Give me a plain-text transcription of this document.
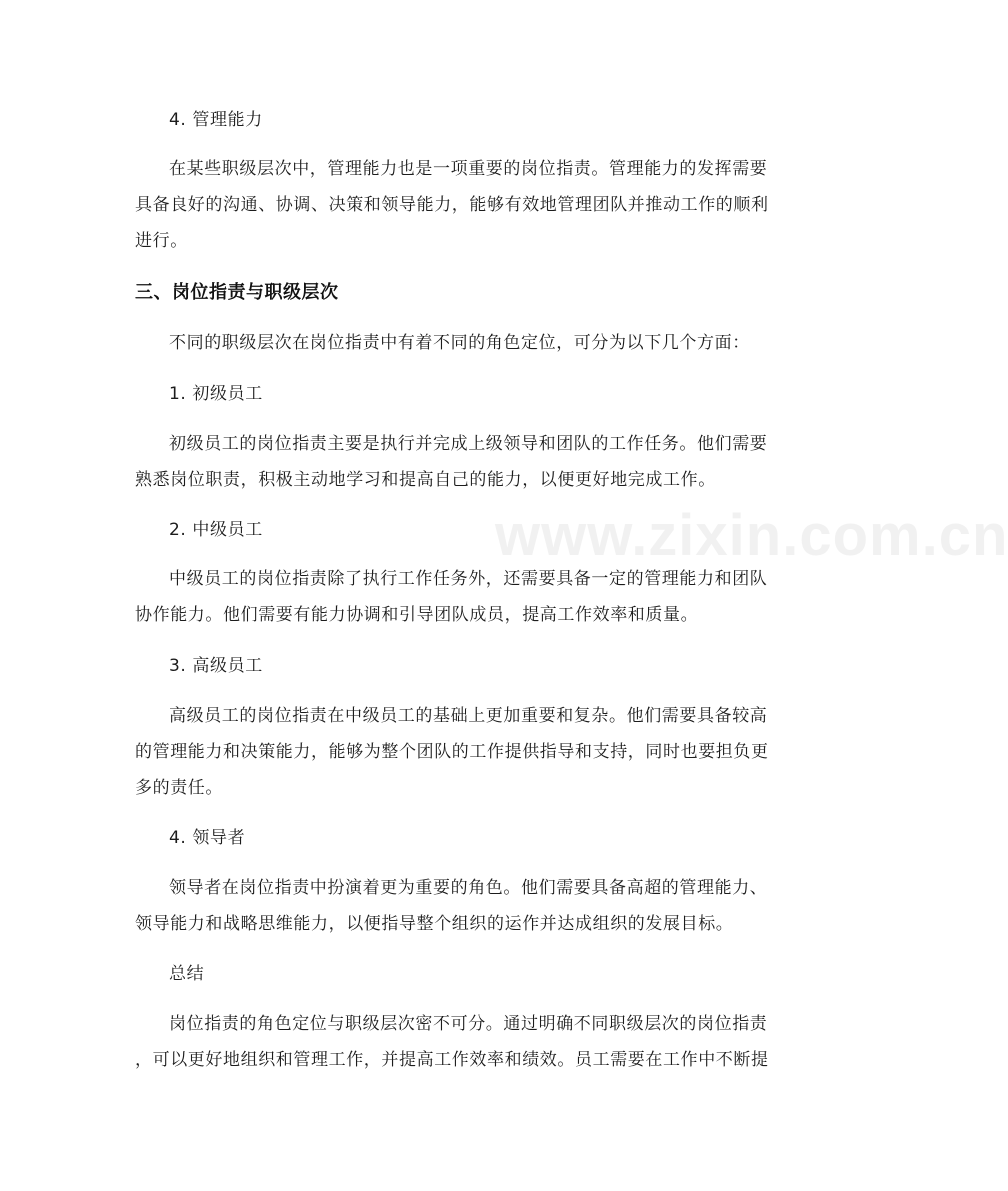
www.zixin.com.cn
4. 管理能力
在某些职级层次中，管理能力也是一项重要的岗位指责。管理能力的发挥需要
具备良好的沟通、协调、决策和领导能力，能够有效地管理团队并推动工作的顺利
进行。
三、岗位指责与职级层次
不同的职级层次在岗位指责中有着不同的角色定位，可分为以下几个方面：
1. 初级员工
初级员工的岗位指责主要是执行并完成上级领导和团队的工作任务。他们需要
熟悉岗位职责，积极主动地学习和提高自己的能力，以便更好地完成工作。
2. 中级员工
中级员工的岗位指责除了执行工作任务外，还需要具备一定的管理能力和团队
协作能力。他们需要有能力协调和引导团队成员，提高工作效率和质量。
3. 高级员工
高级员工的岗位指责在中级员工的基础上更加重要和复杂。他们需要具备较高
的管理能力和决策能力，能够为整个团队的工作提供指导和支持，同时也要担负更
多的责任。
4. 领导者
领导者在岗位指责中扮演着更为重要的角色。他们需要具备高超的管理能力、
领导能力和战略思维能力，以便指导整个组织的运作并达成组织的发展目标。
总结
岗位指责的角色定位与职级层次密不可分。通过明确不同职级层次的岗位指责
，可以更好地组织和管理工作，并提高工作效率和绩效。员工需要在工作中不断提
